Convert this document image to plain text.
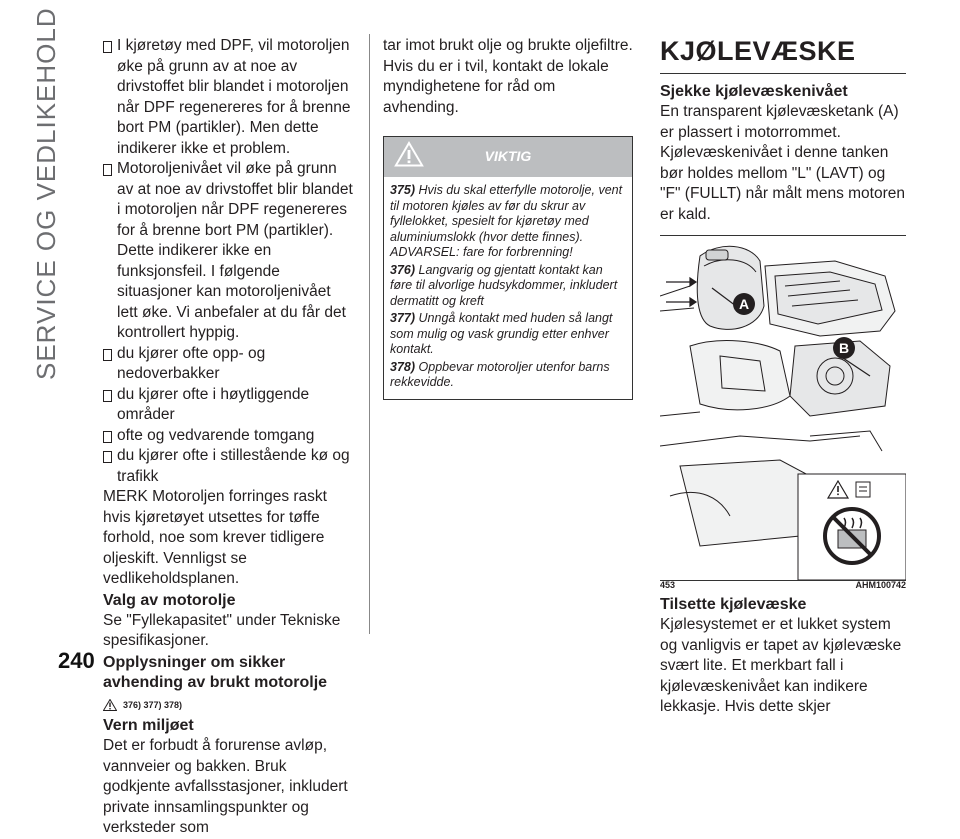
SERVICE OG VEDLIKEHOLD
240
I kjøretøy med DPF, vil motoroljen øke på grunn av at noe av drivstoffet blir blandet i motoroljen når DPF regenereres for å brenne bort PM (partikler). Men dette indikerer ikke et problem.
Motoroljenivået vil øke på grunn av at noe av drivstoffet blir blandet i motoroljen når DPF regenereres for å brenne bort PM (partikler). Dette indikerer ikke en funksjonsfeil. I følgende situasjoner kan motoroljenivået lett øke. Vi anbefaler at du får det kontrollert hyppig.
du kjører ofte opp- og nedoverbakker
du kjører ofte i høytliggende områder
ofte og vedvarende tomgang
du kjører ofte i stillestående kø og trafikk

MERK Motoroljen forringes raskt hvis kjøretøyet utsettes for tøffe forhold, noe som krever tidligere oljeskift. Vennligst se vedlikeholdsplanen.

Valg av motorolje

Se "Fyllekapasitet" under Tekniske spesifikasjoner.

Opplysninger om sikker avhending av brukt motorolje
376) 377) 378)
Vern miljøet

Det er forbudt å forurense avløp, vannveier og bakken. Bruk godkjente avfallsstasjoner, inkludert private innsamlingspunkter og verksteder som

tar imot brukt olje og brukte oljefiltre. Hvis du er i tvil, kontakt de lokale myndighetene for råd om avhending.

VIKTIG

375) Hvis du skal etterfylle motorolje, vent til motoren kjøles av før du skrur av fyllelokket, spesielt for kjøretøy med aluminiumslokk (hvor dette finnes). ADVARSEL: fare for forbrenning!

376) Langvarig og gjentatt kontakt kan føre til alvorlige hudsykdommer, inkludert dermatitt og kreft

377) Unngå kontakt med huden så langt som mulig og vask grundig etter enhver kontakt.

378) Oppbevar motoroljer utenfor barns rekkevidde.

KJØLEVÆSKE
Sjekke kjølevæskenivået

En transparent kjølevæsketank (A) er plassert i motorrommet. Kjølevæskenivået i denne tanken bør holdes mellom "L" (LAVT) og "F" (FULLT) når målt mens motoren er kald.

A
B
453	AHM100742
Tilsette kjølevæske

Kjølesystemet er et lukket system og vanligvis er tapet av kjølevæske svært lite. Et merkbart fall i kjølevæskenivået kan indikere lekkasje. Hvis dette skjer
